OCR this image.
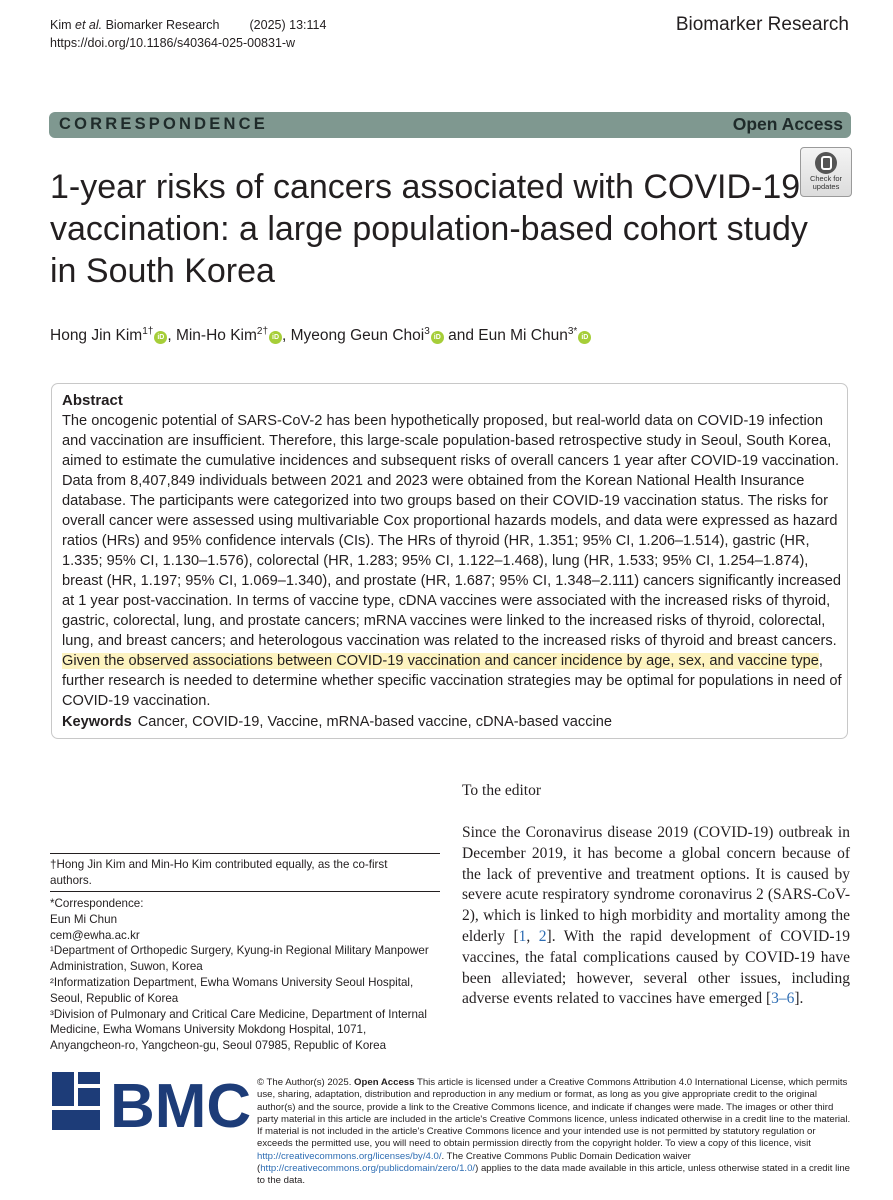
Kim et al. Biomarker Research (2025) 13:114
https://doi.org/10.1186/s40364-025-00831-w
Biomarker Research
CORRESPONDENCE	Open Access
Check for
updates
1-year risks of cancers associated with COVID-19 vaccination: a large population-based cohort study in South Korea
Hong Jin Kim$^{1\dagger}$iD , Min-Ho Kim$^{2\dagger}$iD , Myeong Geun Choi$^3$iD and Eun Mi Chun$^{3*}$iD
Abstract
The oncogenic potential of SARS-CoV-2 has been hypothetically proposed, but real-world data on COVID-19 infection and vaccination are insufficient. Therefore, this large-scale population-based retrospective study in Seoul, South Korea, aimed to estimate the cumulative incidences and subsequent risks of overall cancers 1 year after COVID-19 vaccination. Data from 8,407,849 individuals between 2021 and 2023 were obtained from the Korean National Health Insurance database. The participants were categorized into two groups based on their COVID-19 vaccination status. The risks for overall cancer were assessed using multivariable Cox proportional hazards models, and data were expressed as hazard ratios (HRs) and 95% confidence intervals (CIs). The HRs of thyroid (HR, 1.351; 95% CI, 1.206–1.514), gastric (HR, 1.335; 95% CI, 1.130–1.576), colorectal (HR, 1.283; 95% CI, 1.122–1.468), lung (HR, 1.533; 95% CI, 1.254–1.874), breast (HR, 1.197; 95% CI, 1.069–1.340), and prostate (HR, 1.687; 95% CI, 1.348–2.111) cancers significantly increased at 1 year post-vaccination. In terms of vaccine type, cDNA vaccines were associated with the increased risks of thyroid, gastric, colorectal, lung, and prostate cancers; mRNA vaccines were linked to the increased risks of thyroid, colorectal, lung, and breast cancers; and heterologous vaccination was related to the increased risks of thyroid and breast cancers. Given the observed associations between COVID-19 vaccination and cancer incidence by age, sex, and vaccine type, further research is needed to determine whether specific vaccination strategies may be optimal for populations in need of COVID-19 vaccination.
Keywords Cancer, COVID-19, Vaccine, mRNA-based vaccine, cDNA-based vaccine
To the editor
Since the Coronavirus disease 2019 (COVID-19) outbreak in December 2019, it has become a global concern because of the lack of preventive and treatment options. It is caused by severe acute respiratory syndrome coronavirus 2 (SARS-CoV-2), which is linked to high morbidity and mortality among the elderly [1, 2]. With the rapid development of COVID-19 vaccines, the fatal complications caused by COVID-19 have been alleviated; however, several other issues, including adverse events related to vaccines have emerged [3–6].
†Hong Jin Kim and Min-Ho Kim contributed equally, as the co-first authors.
*Correspondence:
Eun Mi Chun
cem@ewha.ac.kr
¹Department of Orthopedic Surgery, Kyung-in Regional Military Manpower Administration, Suwon, Korea
²Informatization Department, Ewha Womans University Seoul Hospital, Seoul, Republic of Korea
³Division of Pulmonary and Critical Care Medicine, Department of Internal Medicine, Ewha Womans University Mokdong Hospital, 1071, Anyangcheon-ro, Yangcheon-gu, Seoul 07985, Republic of Korea
BMC © The Author(s) 2025. Open Access This article is licensed under a Creative Commons Attribution 4.0 International License, which permits use, sharing, adaptation, distribution and reproduction in any medium or format, as long as you give appropriate credit to the original author(s) and the source, provide a link to the Creative Commons licence, and indicate if changes were made. The images or other third party material in this article are included in the article's Creative Commons licence, unless indicated otherwise in a credit line to the material. If material is not included in the article's Creative Commons licence and your intended use is not permitted by statutory regulation or exceeds the permitted use, you will need to obtain permission directly from the copyright holder. To view a copy of this licence, visit http://creativecommons.org/licenses/by/4.0/. The Creative Commons Public Domain Dedication waiver (http://creativecommons.org/publicdomain/zero/1.0/) applies to the data made available in this article, unless otherwise stated in a credit line to the data.
